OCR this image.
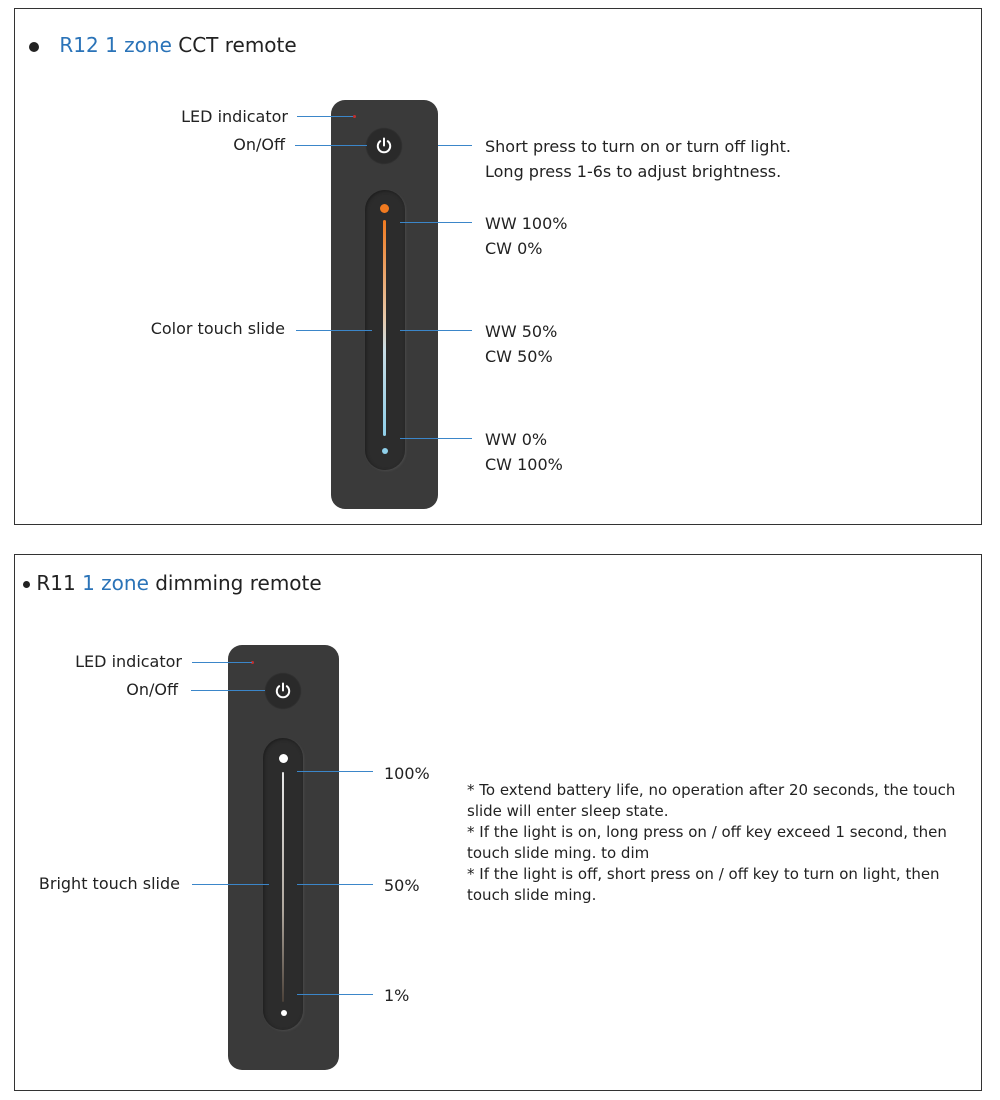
R12 1 zone CCT remote
LED indicator
On/Off
Color touch slide
Short press to turn on or turn off light.
Long press 1-6s to adjust brightness.
WW 100%
CW 0%
WW 50%
CW 50%
WW 0%
CW 100%
R11 1 zone dimming remote
LED indicator
On/Off
Bright touch slide
100%
50%
1%

* To extend battery life, no operation after 20 seconds, the touch slide will enter sleep state.

* If the light is on, long press on / off key exceed 1 second, then touch slide ming. to dim

* If the light is off, short press on / off key to turn on light, then touch slide ming.
